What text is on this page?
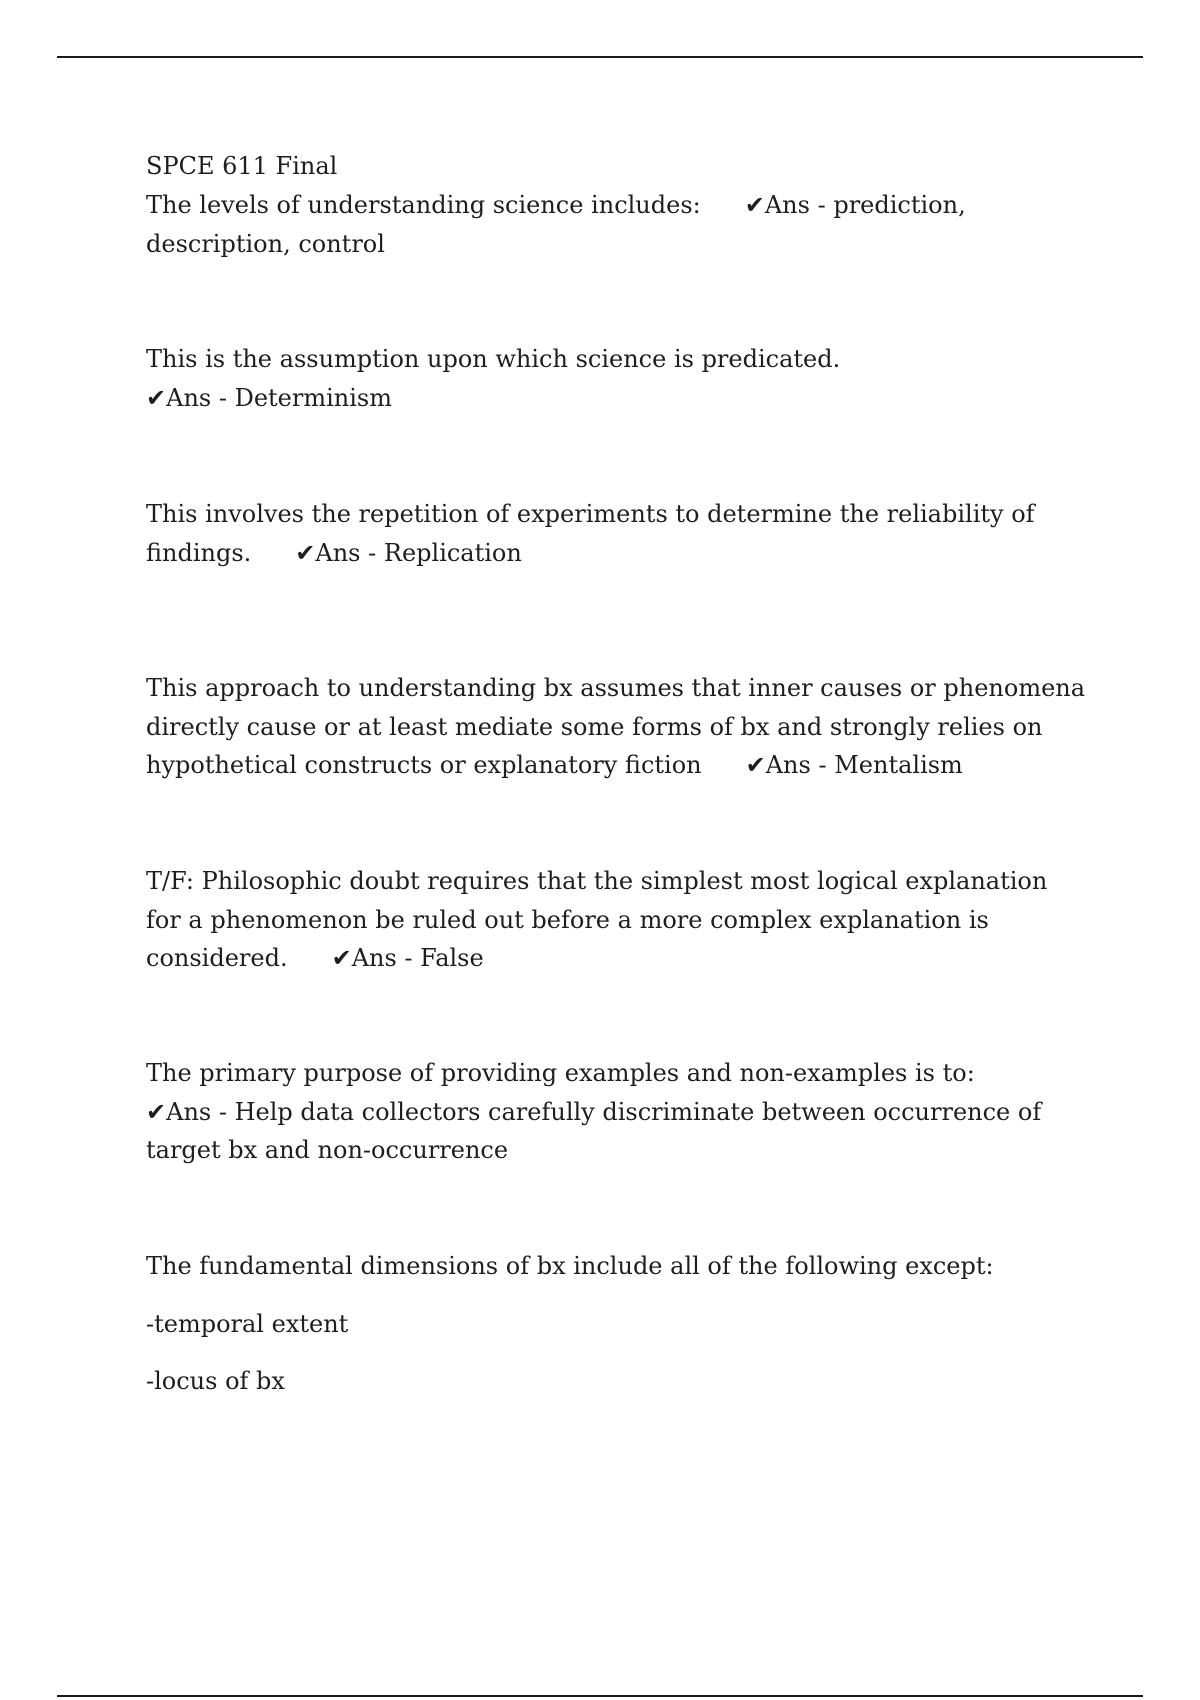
SPCE 611 Final

The levels of understanding science includes: ✔Ans - prediction, description, control

This is the assumption upon which science is predicated.✔Ans - Determinism

This involves the repetition of experiments to determine the reliability of findings. ✔Ans - Replication

This approach to understanding bx assumes that inner causes or phenomena directly cause or at least mediate some forms of bx and strongly relies on hypothetical constructs or explanatory fiction ✔Ans - Mentalism

T/F: Philosophic doubt requires that the simplest most logical explanation for a phenomenon be ruled out before a more complex explanation is considered. ✔Ans - False

The primary purpose of providing examples and non-examples is to:✔Ans - Help data collectors carefully discriminate between occurrence of target bx and non-occurrence

The fundamental dimensions of bx include all of the following except:

-temporal extent

-locus of bx
